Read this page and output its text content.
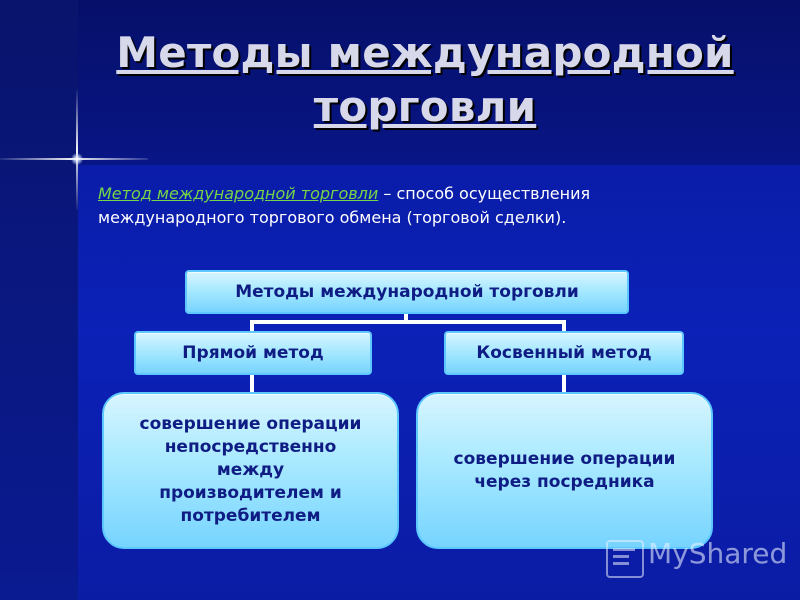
Методы международной торговли
Метод международной торговли – способ осуществления международного торгового обмена (торговой сделки).
Методы международной торговли
Прямой метод	Косвенный метод
совершение операции
непосредственно
между
производителем и
потребителем
совершение операции
через посредника
MyShared
